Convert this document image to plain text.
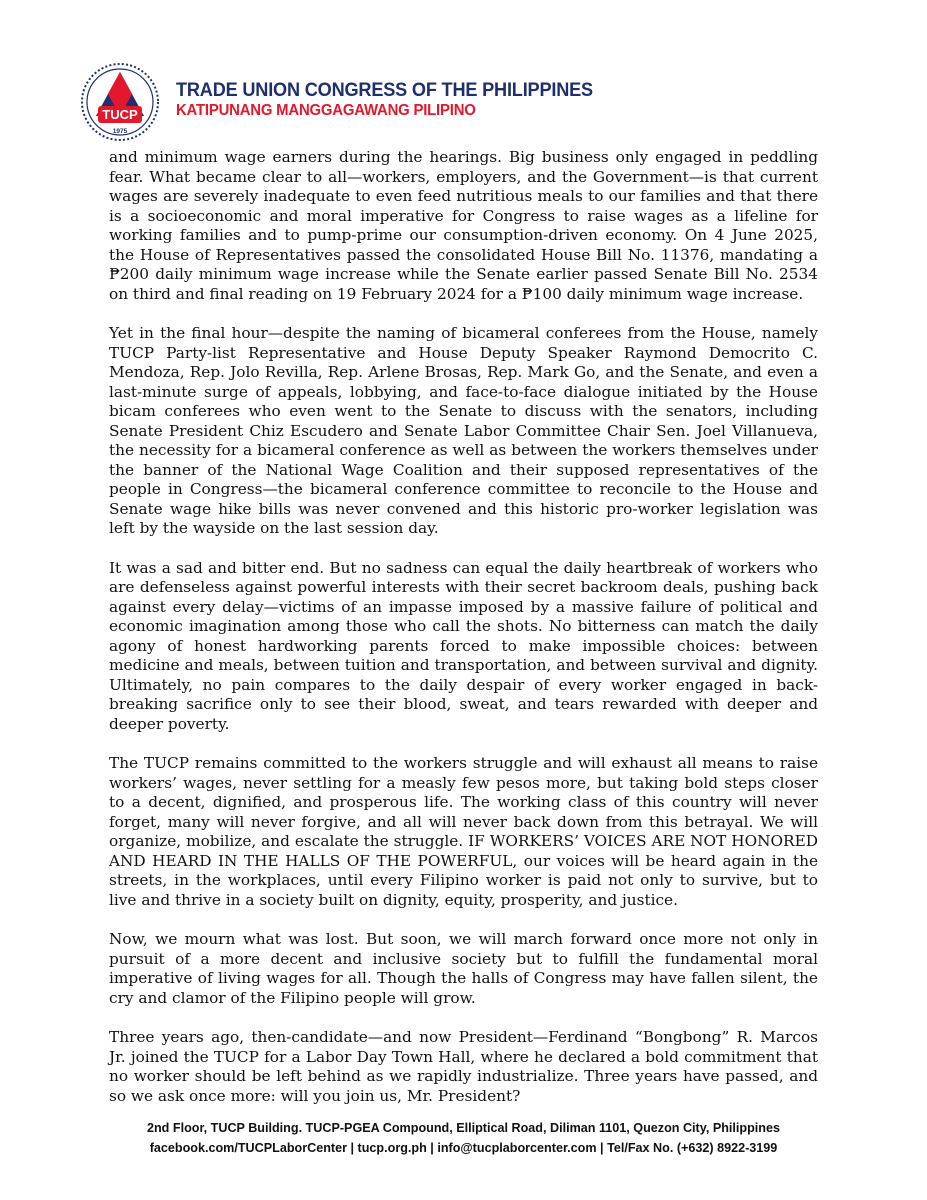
TUCP
1975
TRADE UNION CONGRESS OF THE PHILIPPINES
KATIPUNANG MANGGAGAWANG PILIPINO

and minimum wage earners during the hearings. Big business only engaged in peddling fear. What became clear to all—workers, employers, and the Government—is that current wages are severely inadequate to even feed nutritious meals to our families and that there is a socioeconomic and moral imperative for Congress to raise wages as a lifeline for working families and to pump-prime our consumption-driven economy. On 4 June 2025, the House of Representatives passed the consolidated House Bill No. 11376, mandating a ₱200 daily minimum wage increase while the Senate earlier passed Senate Bill No. 2534 on third and final reading on 19 February 2024 for a ₱100 daily minimum wage increase.

Yet in the final hour—despite the naming of bicameral conferees from the House, namely TUCP Party-list Representative and House Deputy Speaker Raymond Democrito C. Mendoza, Rep. Jolo Revilla, Rep. Arlene Brosas, Rep. Mark Go, and the Senate, and even a last-minute surge of appeals, lobbying, and face-to-face dialogue initiated by the House bicam conferees who even went to the Senate to discuss with the senators, including Senate President Chiz Escudero and Senate Labor Committee Chair Sen. Joel Villanueva, the necessity for a bicameral conference as well as between the workers themselves under the banner of the National Wage Coalition and their supposed representatives of the people in Congress—the bicameral conference committee to reconcile to the House and Senate wage hike bills was never convened and this historic pro-worker legislation was left by the wayside on the last session day.

It was a sad and bitter end. But no sadness can equal the daily heartbreak of workers who are defenseless against powerful interests with their secret backroom deals, pushing back against every delay—victims of an impasse imposed by a massive failure of political and economic imagination among those who call the shots. No bitterness can match the daily agony of honest hardworking parents forced to make impossible choices: between medicine and meals, between tuition and transportation, and between survival and dignity. Ultimately, no pain compares to the daily despair of every worker engaged in back-breaking sacrifice only to see their blood, sweat, and tears rewarded with deeper and deeper poverty.

The TUCP remains committed to the workers struggle and will exhaust all means to raise workers’ wages, never settling for a measly few pesos more, but taking bold steps closer to a decent, dignified, and prosperous life. The working class of this country will never forget, many will never forgive, and all will never back down from this betrayal. We will organize, mobilize, and escalate the struggle. IF WORKERS’ VOICES ARE NOT HONORED AND HEARD IN THE HALLS OF THE POWERFUL, our voices will be heard again in the streets, in the workplaces, until every Filipino worker is paid not only to survive, but to live and thrive in a society built on dignity, equity, prosperity, and justice.

Now, we mourn what was lost. But soon, we will march forward once more not only in pursuit of a more decent and inclusive society but to fulfill the fundamental moral imperative of living wages for all. Though the halls of Congress may have fallen silent, the cry and clamor of the Filipino people will grow.

Three years ago, then-candidate—and now President—Ferdinand “Bongbong” R. Marcos Jr. joined the TUCP for a Labor Day Town Hall, where he declared a bold commitment that no worker should be left behind as we rapidly industrialize. Three years have passed, and so we ask once more: will you join us, Mr. President?

2nd Floor, TUCP Building. TUCP-PGEA Compound, Elliptical Road, Diliman 1101, Quezon City, Philippines
facebook.com/TUCPLaborCenter | tucp.org.ph | info@tucplaborcenter.com | Tel/Fax No. (+632) 8922-3199
